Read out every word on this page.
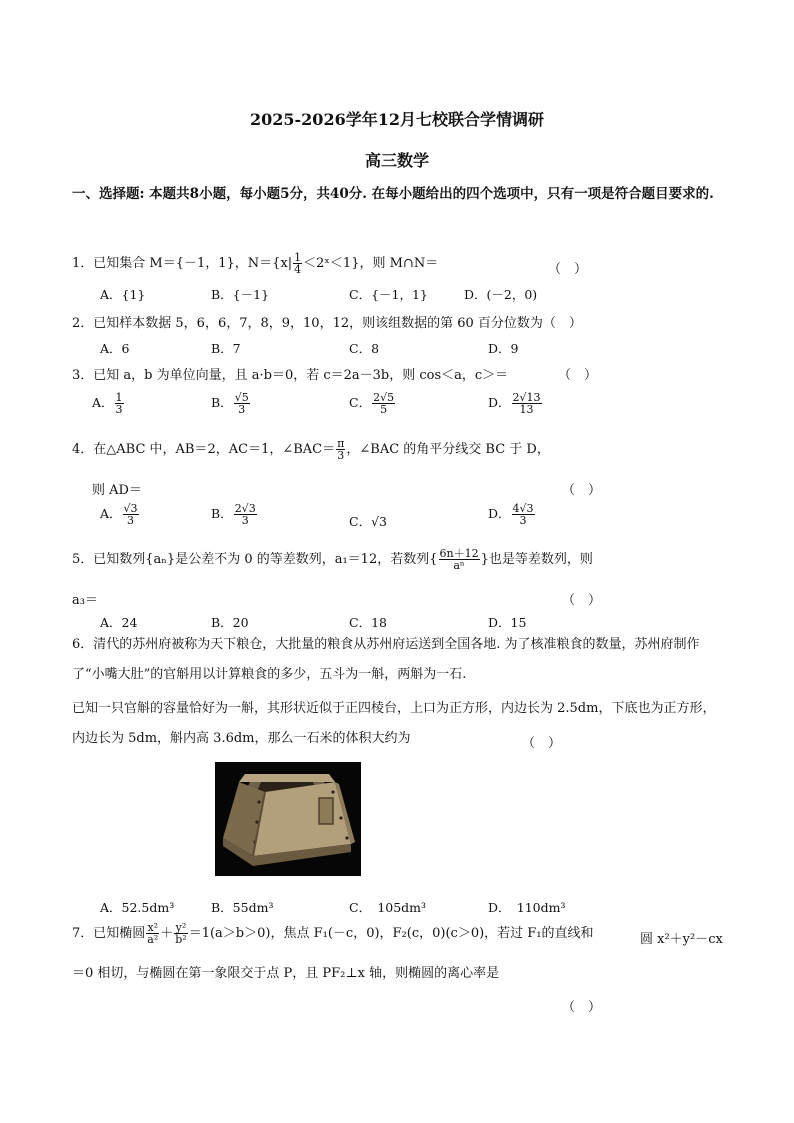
2025-2026学年12月七校联合学情调研
高三数学
一、选择题: 本题共8小题，每小题5分，共40分. 在每小题给出的四个选项中，只有一项是符合题目要求的.
1．已知集合 M＝{－1，1}，$N=\{x| \frac{1}{4}$ ＜2ˣ＜1}，则 M∩N＝	（　）
A．{1}	B．{－1}	C．{－1，1}	D．(－2，0)
2．已知样本数据 5，6，6，7，8，9，10，12，则该组数据的第 60 百分位数为（　）
A．6	B．7	C．8	D．9
3．已知 a，b 为单位向量，且 a·b＝0，若 c＝2a－3b，则 cos＜a，c＞＝	（　）
A． $\frac{1}{3}$	B． $\frac{√5}{3}$	C． $\frac{2√5}{5}$	D． $\frac{2√13}{13}$
4．在△ABC 中，AB＝2，AC＝1，∠BAC＝ $\frac{\pi}{3}$ ，∠BAC 的角平分线交 BC 于 D，
则 AD＝	（　）
A． $\frac{√3}{3}$	B． $\frac{2√3}{3}$	C．√3
D． $\frac{4√3}{3}$
5．已知数列{aₙ}是公差不为 0 的等差数列，a₁＝12，若数列{ $\frac{6n+12}{\text{aⁿ}}$ }也是等差数列，则
a₃＝	（　）
A．24	B．20	C．18	D．15
6．清代的苏州府被称为天下粮仓，大批量的粮食从苏州府运送到全国各地. 为了核准粮食的数量，苏州府制作了“小嘴大肚”的官斛用以计算粮食的多少，五斗为一斛，两斛为一石.
已知一只官斛的容量恰好为一斛，其形状近似于正四棱台，上口为正方形，内边长为 2.5dm，下底也为正方形，内边长为 5dm，斛内高 3.6dm，那么一石米的体积大约为	（　）
A．52.5dm³	B．55dm³	C．　105dm³	D．　110dm³
7．已知椭圆 $\frac{\text{x²}}{\text{a²}} + \frac{\text{y²}}{\text{b²}} =1(a>b>0)$，焦点 F₁(－c，0)，F₂(c，0)(c＞0)，若过 F₁的直线和	圆 x²＋y²－cx
＝0 相切，与椭圆在第一象限交于点 P，且 PF₂⊥x 轴，则椭圆的离心率是
（　）
